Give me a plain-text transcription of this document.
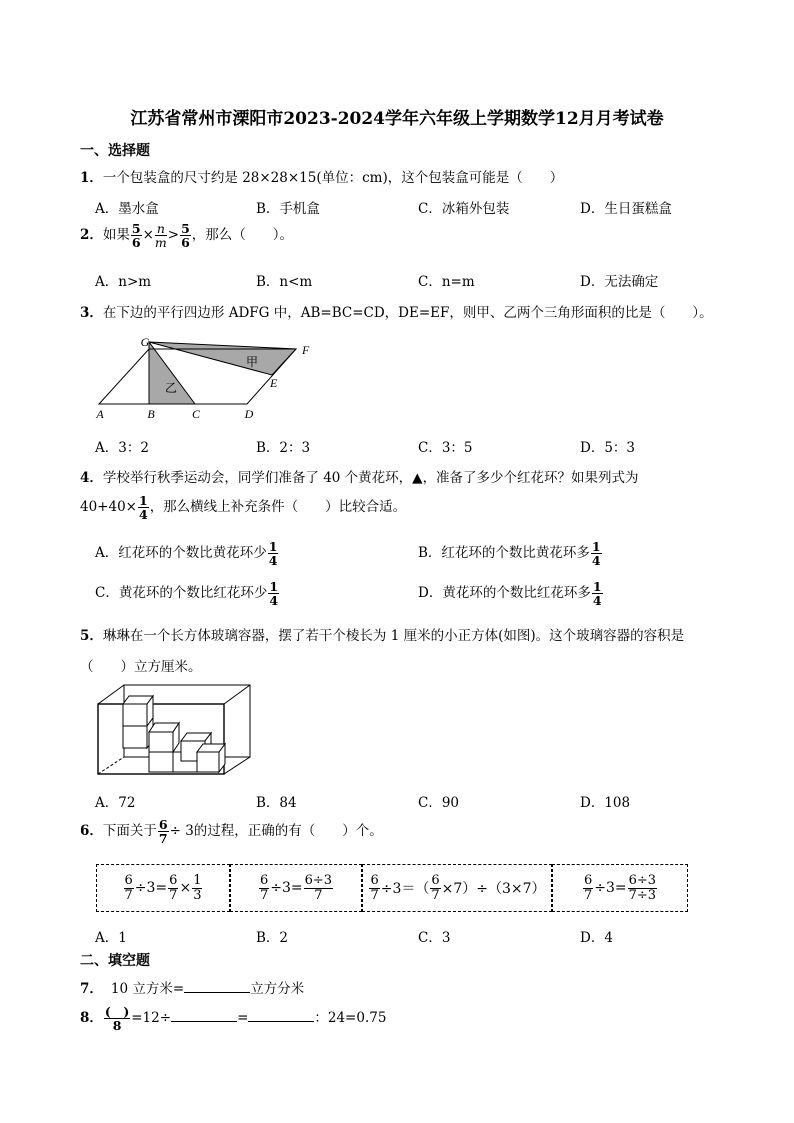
江苏省常州市溧阳市2023-2024学年六年级上学期数学12月月考试卷
一、选择题
1．一个包装盒的尺寸约是 28×28×15(单位：cm)，这个包装盒可能是（　　）
A．墨水盒	B．手机盒	C．冰箱外包装	D．生日蛋糕盒
2．如果 $\frac{5}{6} \times \frac{n}{m} > \frac{5}{6}$ ，那么（　　）。
A．n>m	B．n<m	C．n=m	D．无法确定
3．在下边的平行四边形 ADFG 中，AB=BC=CD，DE=EF，则甲、乙两个三角形面积的比是（　　）。
G
F
E
A	B	C	D
甲
乙
A．3：2	B．2：3	C．3：5	D．5：3
4．学校举行秋季运动会，同学们准备了 40 个黄花环，▲，准备了多少个红花环？如果列式为
$40+40\times \frac{1}{4}$ ，那么横线上补充条件（　　）比较合适。
A．红花环的个数比黄花环少 $\frac{1}{4}$	B．红花环的个数比黄花环多 $\frac{1}{4}$
C．黄花环的个数比红花环少 $\frac{1}{4}$	D．黄花环的个数比红花环多 $\frac{1}{4}$
5．琳琳在一个长方体玻璃容器，摆了若干个棱长为 1 厘米的小正方体(如图)。这个玻璃容器的容积是
（　　）立方厘米。
A．72	B．84	C．90	D．108
6．下面关于 $\frac{6}{7} \div 3$的过程，正确的有（　　）个。
$\frac{6}{7} \div 3= \frac{6}{7} \times \frac{1}{3}$	$\frac{6}{7} \div 3= \frac{6\div 3}{7}$	$\frac{6}{7} \div 3=( \frac{6}{7} \times 7)\div(3\times 7)$	$\frac{6}{7} \div 3= \frac{6\div 3}{7\div 3}$
A．1	B．2	C．3	D．4
二、填空题
7． 10 立方米=	立方分米
8． $\frac{( )}{8} =12\div$	=	：24=0.75
